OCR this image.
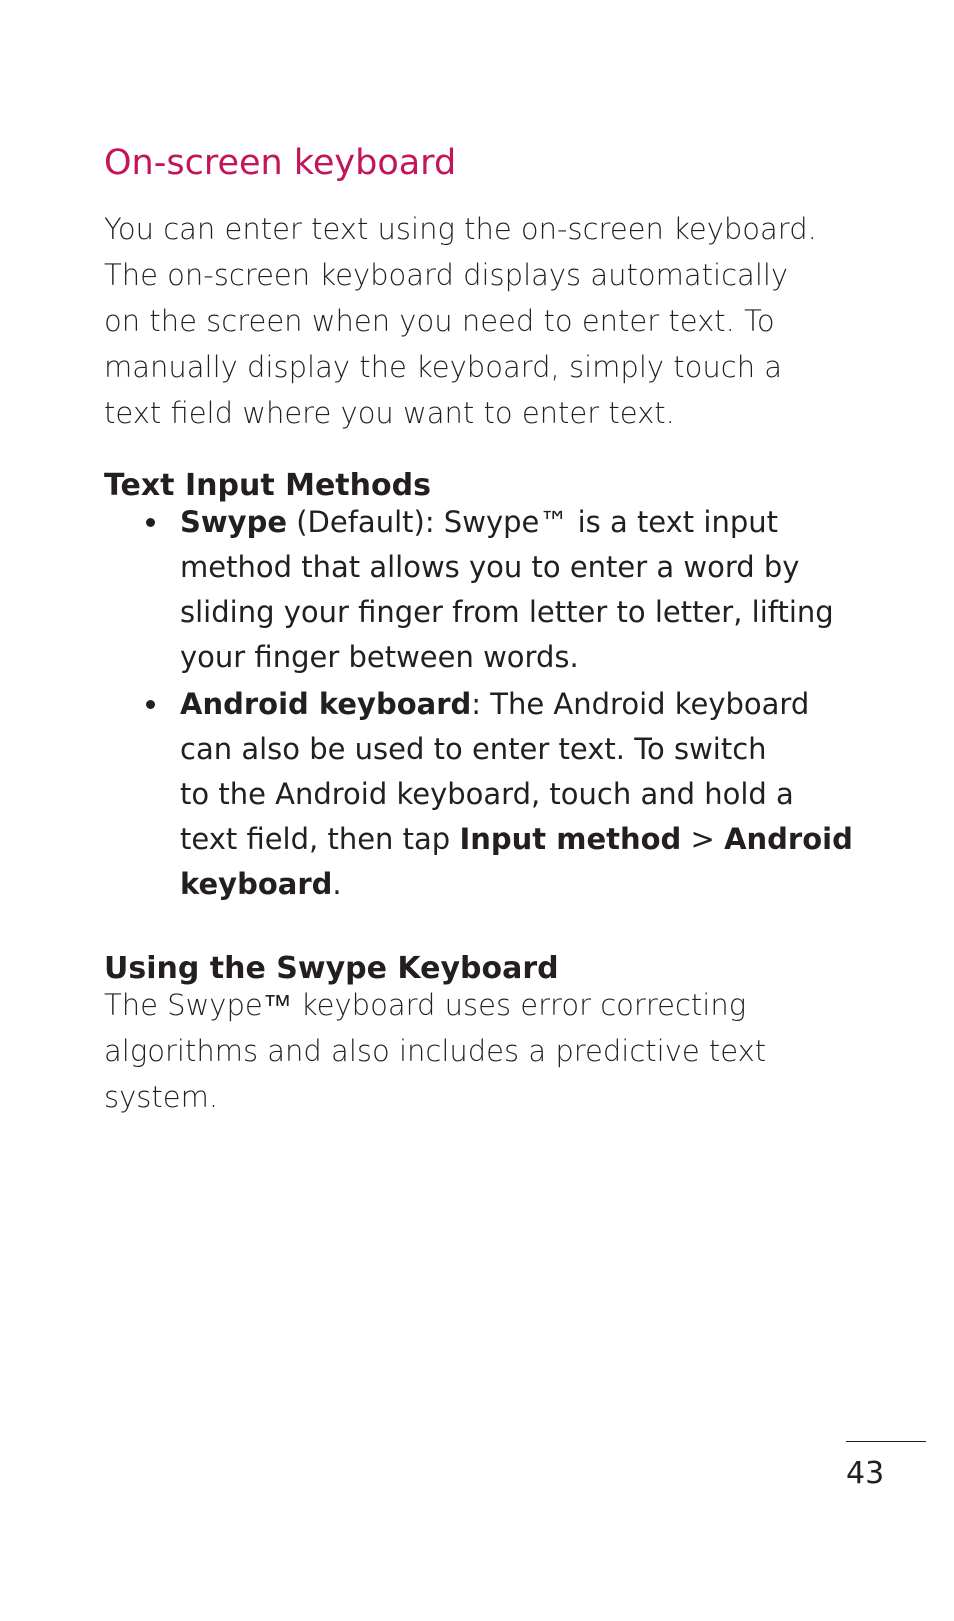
On-screen keyboard

You can enter text using the on-screen keyboard.
The on-screen keyboard displays automatically
on the screen when you need to enter text. To
manually display the keyboard, simply touch a
text field where you want to enter text.

Text Input Methods

Swype (Default): Swype™ is a text input
method that allows you to enter a word by
sliding your finger from letter to letter, lifting
your finger between words.

Android keyboard: The Android keyboard
can also be used to enter text. To switch
to the Android keyboard, touch and hold a
text field, then tap Input method > Android
keyboard.

Using the Swype Keyboard

The Swype™ keyboard uses error correcting
algorithms and also includes a predictive text
system.

43
